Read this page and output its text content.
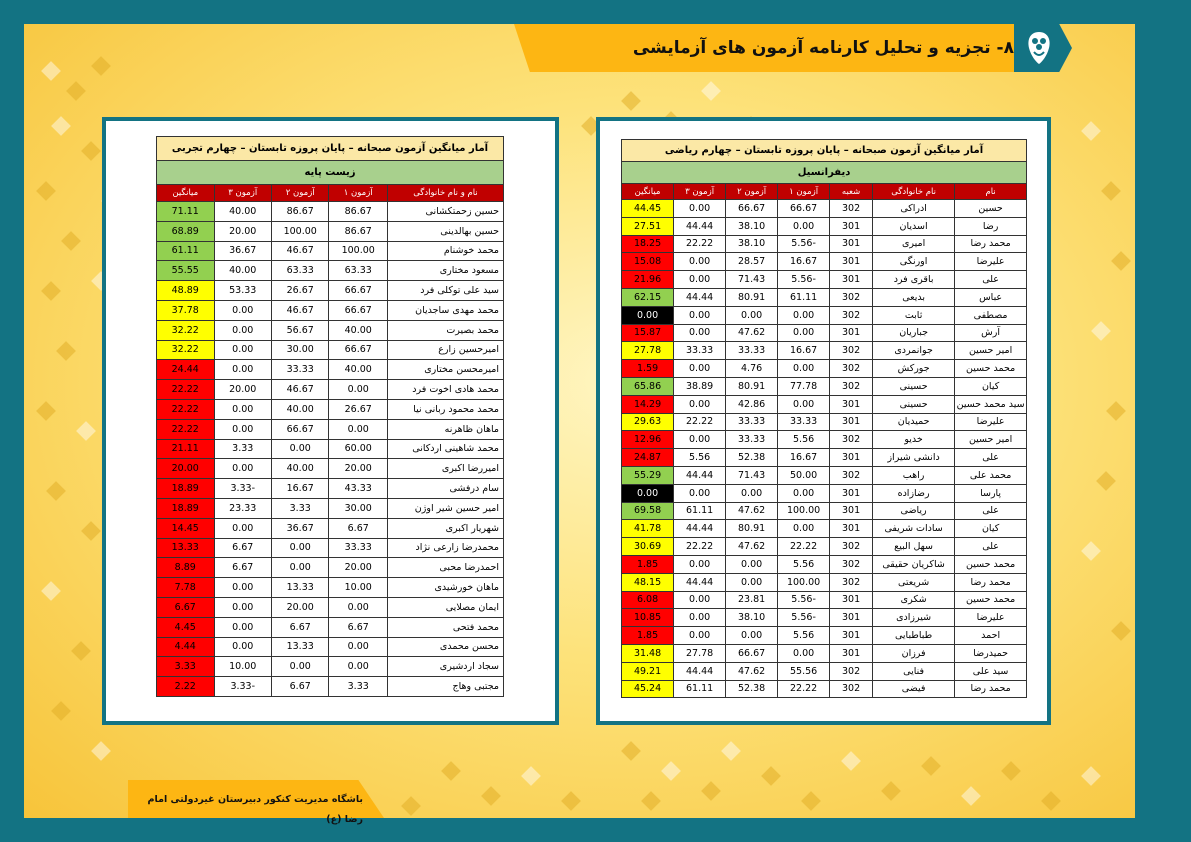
۸- تجزیه و تحلیل کارنامه آزمون های آزمایشی
باشگاه مدیریت کنکور دبیرستان غیردولتی امام رضا (ع)
آمار میانگین آزمون صبحانه – پایان پروزه تابستان – چهارم تجربی				
زیست پایه				
نام و نام خانوادگی	آزمون ۱	آزمون ۲	آزمون ۳	میانگین
حسین زحمتکشانی	86.67	86.67	40.00	71.11
حسین بهالدینی	86.67	100.00	20.00	68.89
محمد خوشنام	100.00	46.67	36.67	61.11
مسعود مختاری	63.33	63.33	40.00	55.55
سید علی توکلی فرد	66.67	26.67	53.33	48.89
محمد مهدی ساجدیان	66.67	46.67	0.00	37.78
محمد بصیرت	40.00	56.67	0.00	32.22
امیرحسین زارع	66.67	30.00	0.00	32.22
امیرمحسن مختاری	40.00	33.33	0.00	24.44
محمد هادی اخوت فرد	0.00	46.67	20.00	22.22
محمد محمود ربانی نیا	26.67	40.00	0.00	22.22
ماهان ظاهرنه	0.00	66.67	0.00	22.22
محمد شاهینی اردکانی	60.00	0.00	3.33	21.11
امیررضا اکبری	20.00	40.00	0.00	20.00
سام درفشی	43.33	16.67	-3.33	18.89
امیر حسین شیر اوژن	30.00	3.33	23.33	18.89
شهریار اکبری	6.67	36.67	0.00	14.45
محمدرضا زارعی نژاد	33.33	0.00	6.67	13.33
احمدرضا محبی	20.00	0.00	6.67	8.89
ماهان خورشیدی	10.00	13.33	0.00	7.78
ایمان مصلایی	0.00	20.00	0.00	6.67
محمد فتحی	6.67	6.67	0.00	4.45
محسن محمدی	0.00	13.33	0.00	4.44
سجاد اردشیری	0.00	0.00	10.00	3.33
مجتبی وهاج	3.33	6.67	-3.33	2.22
آمار میانگین آزمون صبحانه – پایان پروزه تابستان – چهارم ریاضی						
دیفرانسیل						
نام	نام خانوادگی	شعبه	آزمون ۱	آزمون ۲	آزمون ۳	میانگین
حسین	ادراکی	302	66.67	66.67	0.00	44.45
رضا	اسدیان	301	0.00	38.10	44.44	27.51
محمد رضا	امیری	301	-5.56	38.10	22.22	18.25
علیرضا	اورنگی	301	16.67	28.57	0.00	15.08
علی	باقری فرد	301	-5.56	71.43	0.00	21.96
عباس	بدیعی	302	61.11	80.91	44.44	62.15
مصطفی	ثابت	302	0.00	0.00	0.00	0.00
آرش	جباریان	301	0.00	47.62	0.00	15.87
امیر حسین	جوانمردی	302	16.67	33.33	33.33	27.78
محمد حسین	جورکش	302	0.00	4.76	0.00	1.59
کیان	حسینی	302	77.78	80.91	38.89	65.86
سید محمد حسین	حسینی	301	0.00	42.86	0.00	14.29
علیرضا	حمیدیان	301	33.33	33.33	22.22	29.63
امیر حسین	خدیو	302	5.56	33.33	0.00	12.96
علی	دانشی شیراز	301	16.67	52.38	5.56	24.87
محمد علی	راهب	302	50.00	71.43	44.44	55.29
پارسا	رضازاده	301	0.00	0.00	0.00	0.00
علی	ریاضی	301	100.00	47.62	61.11	69.58
کیان	سادات شریفی	301	0.00	80.91	44.44	41.78
علی	سهل البیع	302	22.22	47.62	22.22	30.69
محمد حسین	شاکریان حقیقی	302	5.56	0.00	0.00	1.85
محمد رضا	شریعتی	302	100.00	0.00	44.44	48.15
محمد حسین	شکری	301	-5.56	23.81	0.00	6.08
علیرضا	شیرزادی	301	-5.56	38.10	0.00	10.85
احمد	طباطبایی	301	5.56	0.00	0.00	1.85
حمیدرضا	فرزان	301	0.00	66.67	27.78	31.48
سید علی	فنایی	302	55.56	47.62	44.44	49.21
محمد رضا	فیضی	302	22.22	52.38	61.11	45.24
